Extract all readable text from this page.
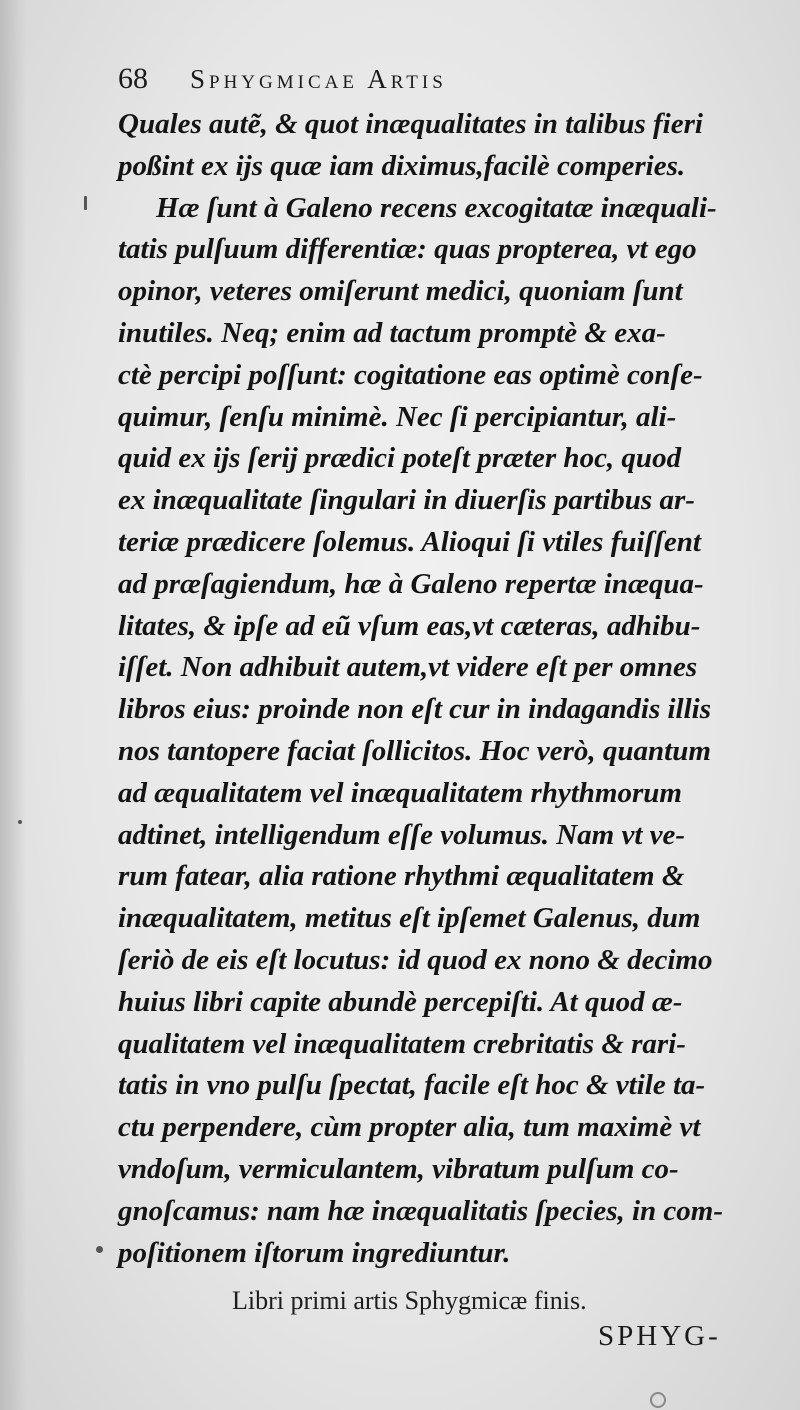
68 Sphygmicae Artis
Quales autẽ, & quot inæqualitates in talibus fieri
poßint ex ijs quæ iam diximus,facilè comperies.
Hæ ſunt à Galeno recens excogitatæ inæquali-
tatis pulſuum differentiæ: quas propterea, vt ego
opinor, veteres omiſerunt medici, quoniam ſunt
inutiles. Neq; enim ad tactum promptè & exa-
ctè percipi poſſunt: cogitatione eas optimè conſe-
quimur, ſenſu minimè. Nec ſi percipiantur, ali-
quid ex ijs ſerij prædici poteſt præter hoc, quod
ex inæqualitate ſingulari in diuerſis partibus ar-
teriæ prædicere ſolemus. Alioqui ſi vtiles fuiſſent
ad præſagiendum, hæ à Galeno repertæ inæqua-
litates, & ipſe ad eũ vſum eas,vt cæteras, adhibu-
iſſet. Non adhibuit autem,vt videre eſt per omnes
libros eius: proinde non eſt cur in indagandis illis
nos tantopere faciat ſollicitos. Hoc verò, quantum
ad æqualitatem vel inæqualitatem rhythmorum
adtinet, intelligendum eſſe volumus. Nam vt ve-
rum fatear, alia ratione rhythmi æqualitatem &
inæqualitatem, metitus eſt ipſemet Galenus, dum
ſeriò de eis eſt locutus: id quod ex nono & decimo
huius libri capite abundè percepiſti. At quod æ-
qualitatem vel inæqualitatem crebritatis & rari-
tatis in vno pulſu ſpectat, facile eſt hoc & vtile ta-
ctu perpendere, cùm propter alia, tum maximè vt
vndoſum, vermiculantem, vibratum pulſum co-
gnoſcamus: nam hæ inæqualitatis ſpecies, in com-
poſitionem iſtorum ingrediuntur.
Libri primi artis Sphygmicæ finis.
SPHYG-
